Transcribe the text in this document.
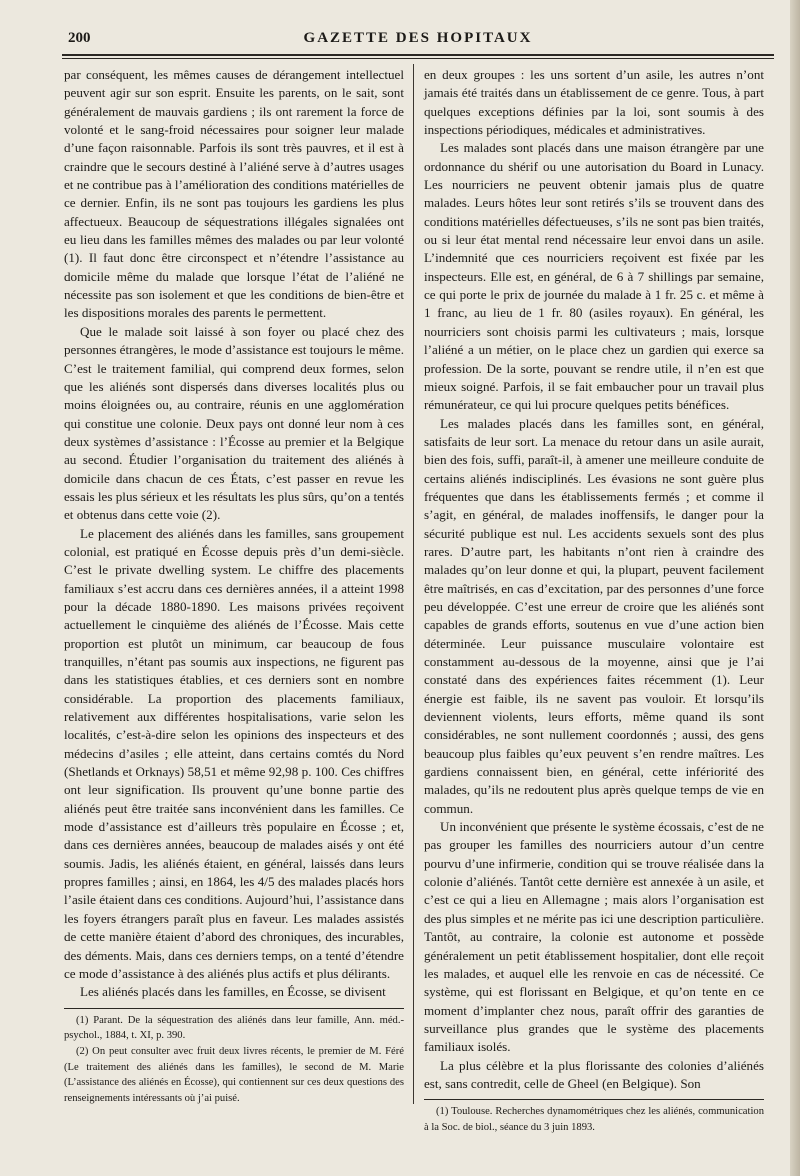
200	GAZETTE DES HOPITAUX

par conséquent, les mêmes causes de dérangement intellectuel peuvent agir sur son esprit. Ensuite les parents, on le sait, sont généralement de mauvais gardiens ; ils ont rarement la force de volonté et le sang-froid nécessaires pour soigner leur malade d’une façon raisonnable. Parfois ils sont très pauvres, et il est à craindre que le secours destiné à l’aliéné serve à d’autres usages et ne contribue pas à l’amélioration des conditions matérielles de ce dernier. Enfin, ils ne sont pas toujours les gardiens les plus affectueux. Beaucoup de séquestrations illégales signalées ont eu lieu dans les familles mêmes des malades ou par leur volonté (1). Il faut donc être circonspect et n’étendre l’assistance au domicile même du malade que lorsque l’état de l’aliéné ne nécessite pas son isolement et que les conditions de bien-être et les dispositions morales des parents le permettent.

Que le malade soit laissé à son foyer ou placé chez des personnes étrangères, le mode d’assistance est toujours le même. C’est le traitement familial, qui comprend deux formes, selon que les aliénés sont dispersés dans diverses localités plus ou moins éloignées ou, au contraire, réunis en une agglomération qui constitue une colonie. Deux pays ont donné leur nom à ces deux systèmes d’assistance : l’Écosse au premier et la Belgique au second. Étudier l’organisation du traitement des aliénés à domicile dans chacun de ces États, c’est passer en revue les essais les plus sérieux et les résultats les plus sûrs, qu’on a tentés et obtenus dans cette voie (2).

Le placement des aliénés dans les familles, sans groupement colonial, est pratiqué en Écosse depuis près d’un demi-siècle. C’est le private dwelling system. Le chiffre des placements familiaux s’est accru dans ces dernières années, il a atteint 1998 pour la décade 1880-1890. Les maisons privées reçoivent actuellement le cinquième des aliénés de l’Écosse. Mais cette proportion est plutôt un minimum, car beaucoup de fous tranquilles, n’étant pas soumis aux inspections, ne figurent pas dans les statistiques établies, et ces derniers sont en nombre considérable. La proportion des placements familiaux, relativement aux différentes hospitalisations, varie selon les localités, c’est-à-dire selon les opinions des inspecteurs et des médecins d’asiles ; elle atteint, dans certains comtés du Nord (Shetlands et Orknays) 58,51 et même 92,98 p. 100. Ces chiffres ont leur signification. Ils prouvent qu’une bonne partie des aliénés peut être traitée sans inconvénient dans les familles. Ce mode d’assistance est d’ailleurs très populaire en Écosse ; et, dans ces dernières années, beaucoup de malades aisés y ont été soumis. Jadis, les aliénés étaient, en général, laissés dans leurs propres familles ; ainsi, en 1864, les 4/5 des malades placés hors l’asile étaient dans ces conditions. Aujourd’hui, l’assistance dans les foyers étrangers paraît plus en faveur. Les malades assistés de cette manière étaient d’abord des chroniques, des incurables, des déments. Mais, dans ces derniers temps, on a tenté d’étendre ce mode d’assistance à des aliénés plus actifs et plus délirants.

Les aliénés placés dans les familles, en Écosse, se divisent

(1) Parant. De la séquestration des aliénés dans leur famille, Ann. méd.-psychol., 1884, t. XI, p. 390.

(2) On peut consulter avec fruit deux livres récents, le premier de M. Féré (Le traitement des aliénés dans les familles), le second de M. Marie (L’assistance des aliénés en Écosse), qui contiennent sur ces deux questions des renseignements intéressants où j’ai puisé.

en deux groupes : les uns sortent d’un asile, les autres n’ont jamais été traités dans un établissement de ce genre. Tous, à part quelques exceptions définies par la loi, sont soumis à des inspections périodiques, médicales et administratives.

Les malades sont placés dans une maison étrangère par une ordonnance du shérif ou une autorisation du Board in Lunacy. Les nourriciers ne peuvent obtenir jamais plus de quatre malades. Leurs hôtes leur sont retirés s’ils se trouvent dans des conditions matérielles défectueuses, s’ils ne sont pas bien traités, ou si leur état mental rend nécessaire leur envoi dans un asile. L’indemnité que ces nourriciers reçoivent est fixée par les inspecteurs. Elle est, en général, de 6 à 7 shillings par semaine, ce qui porte le prix de journée du malade à 1 fr. 25 c. et même à 1 franc, au lieu de 1 fr. 80 (asiles royaux). En général, les nourriciers sont choisis parmi les cultivateurs ; mais, lorsque l’aliéné a un métier, on le place chez un gardien qui exerce sa profession. De la sorte, pouvant se rendre utile, il n’en est que mieux soigné. Parfois, il se fait embaucher pour un travail plus rémunérateur, ce qui lui procure quelques petits bénéfices.

Les malades placés dans les familles sont, en général, satisfaits de leur sort. La menace du retour dans un asile aurait, bien des fois, suffi, paraît-il, à amener une meilleure conduite de certains aliénés indisciplinés. Les évasions ne sont guère plus fréquentes que dans les établissements fermés ; et comme il s’agit, en général, de malades inoffensifs, le danger pour la sécurité publique est nul. Les accidents sexuels sont des plus rares. D’autre part, les habitants n’ont rien à craindre des malades qu’on leur donne et qui, la plupart, peuvent facilement être maîtrisés, en cas d’excitation, par des personnes d’une force peu développée. C’est une erreur de croire que les aliénés sont capables de grands efforts, soutenus en vue d’une action bien déterminée. Leur puissance musculaire volontaire est constamment au-dessous de la moyenne, ainsi que je l’ai constaté dans des expériences faites récemment (1). Leur énergie est faible, ils ne savent pas vouloir. Et lorsqu’ils deviennent violents, leurs efforts, même quand ils sont considérables, ne sont nullement coordonnés ; aussi, des gens beaucoup plus faibles qu’eux peuvent s’en rendre maîtres. Les gardiens connaissent bien, en général, cette infériorité des malades, qu’ils ne redoutent plus après quelque temps de vie en commun.

Un inconvénient que présente le système écossais, c’est de ne pas grouper les familles des nourriciers autour d’un centre pourvu d’une infirmerie, condition qui se trouve réalisée dans la colonie d’aliénés. Tantôt cette dernière est annexée à un asile, et c’est ce qui a lieu en Allemagne ; mais alors l’organisation est des plus simples et ne mérite pas ici une description particulière. Tantôt, au contraire, la colonie est autonome et possède généralement un petit établissement hospitalier, dont elle reçoit les malades, et auquel elle les renvoie en cas de nécessité. Ce système, qui est florissant en Belgique, et qu’on tente en ce moment d’implanter chez nous, paraît offrir des garanties de surveillance plus grandes que le système des placements familiaux isolés.

La plus célèbre et la plus florissante des colonies d’aliénés est, sans contredit, celle de Gheel (en Belgique). Son

(1) Toulouse. Recherches dynamométriques chez les aliénés, communication à la Soc. de biol., séance du 3 juin 1893.
